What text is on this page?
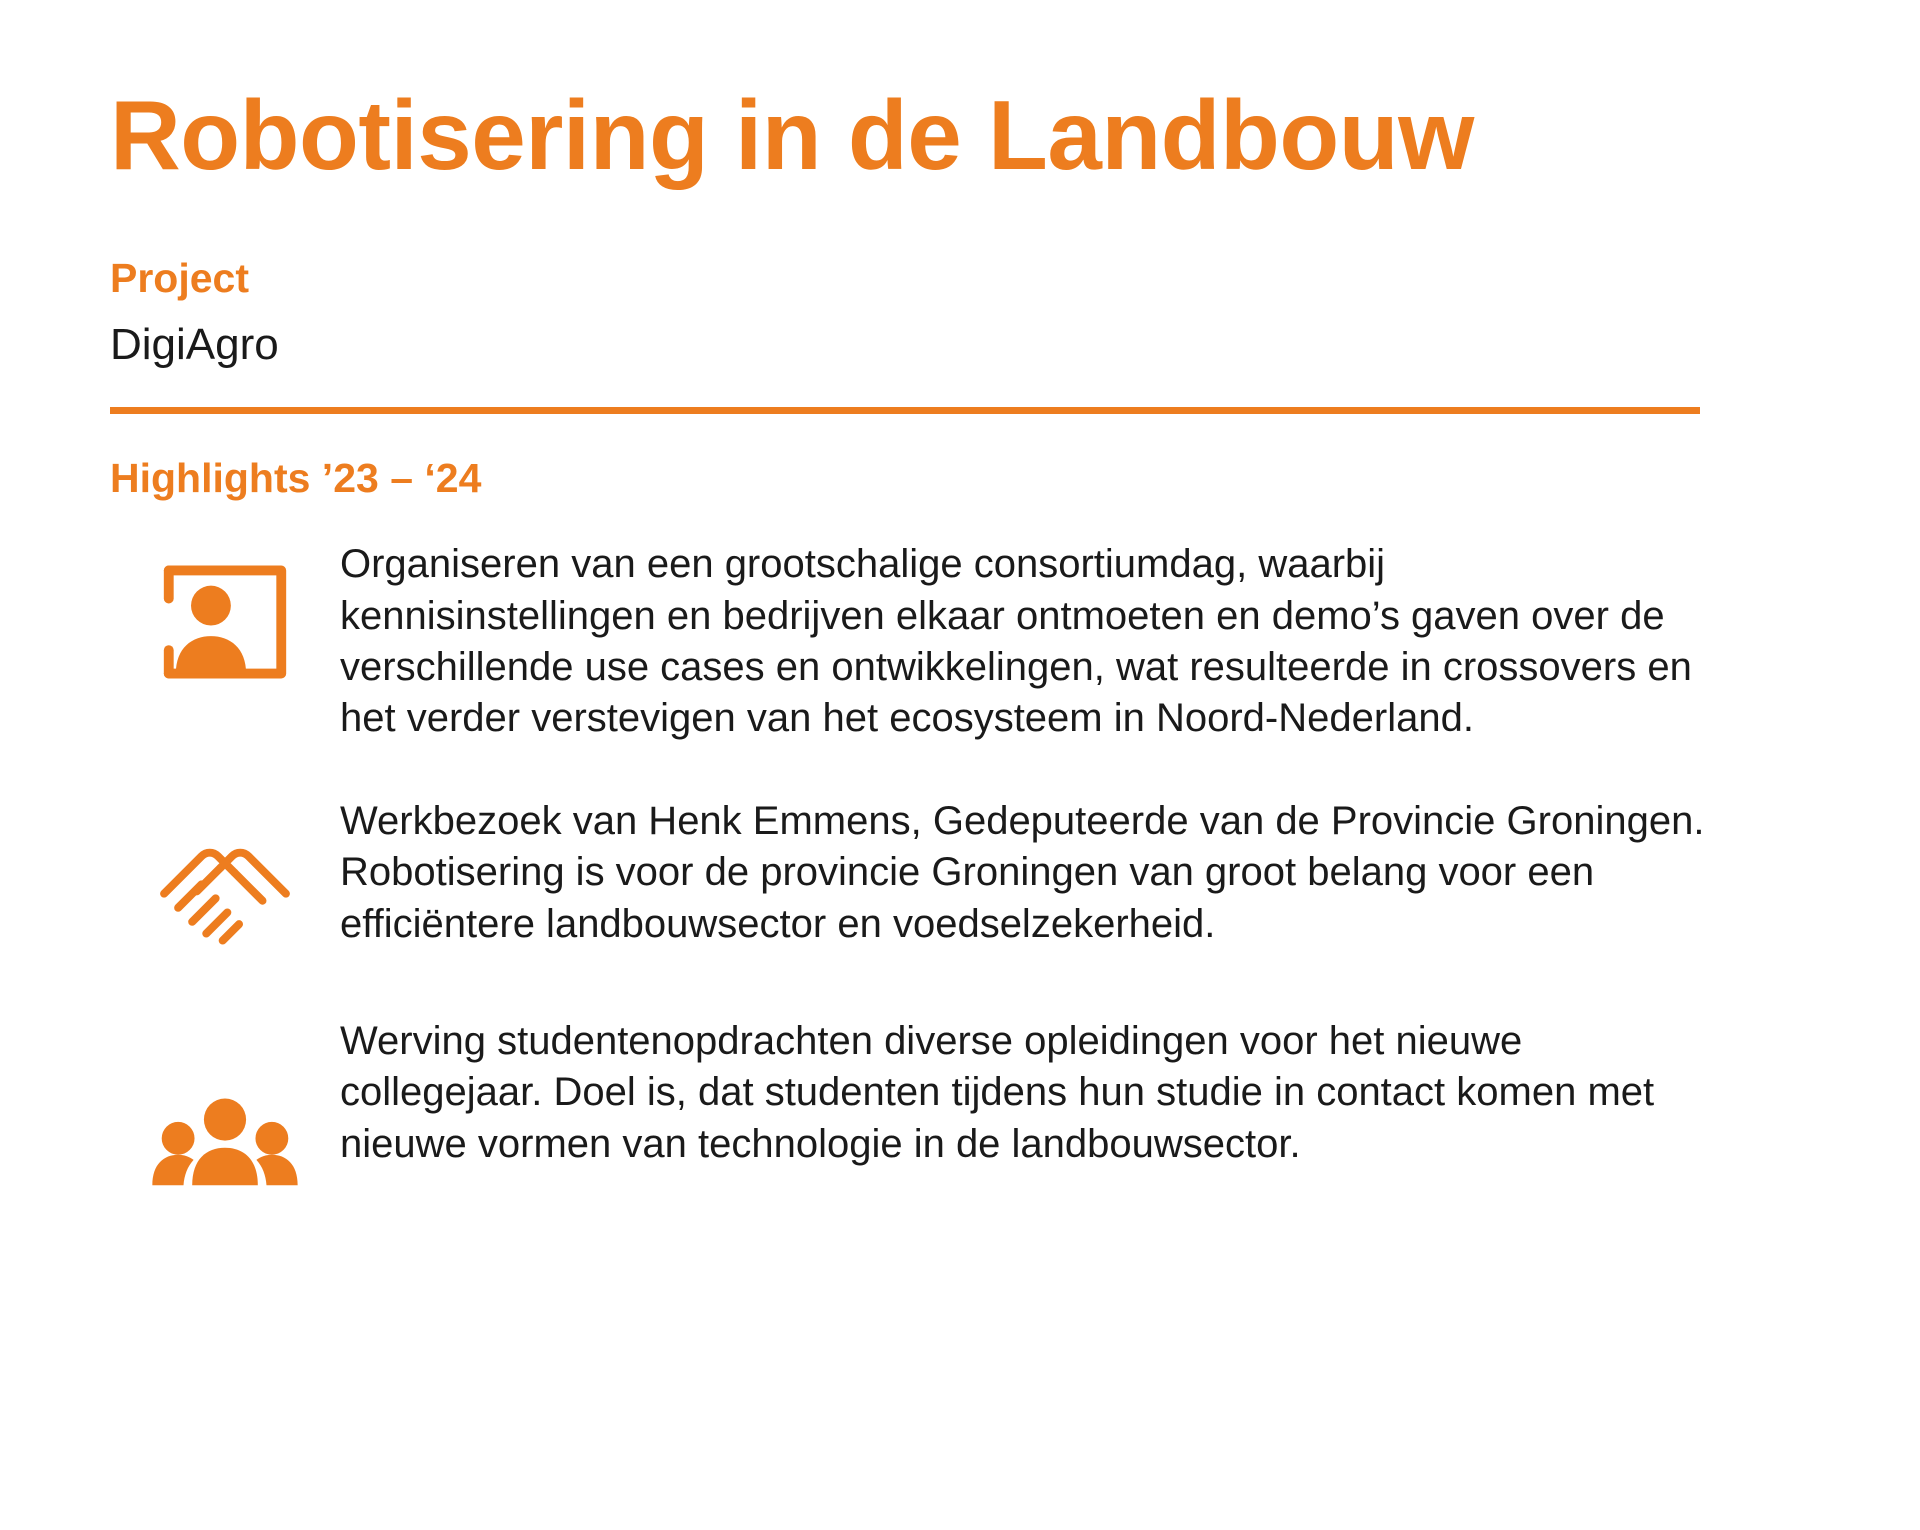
Robotisering in de Landbouw
Project

DigiAgro

Highlights ’23 – ‘24
Organiseren van een grootschalige consortiumdag, waarbij kennisinstellingen en bedrijven elkaar ontmoeten en demo’s gaven over de verschillende use cases en ontwikkelingen, wat resulteerde in crossovers en het verder verstevigen van het ecosysteem in Noord-Nederland.
Werkbezoek van Henk Emmens, Gedeputeerde van de Provincie Groningen. Robotisering is voor de provincie Groningen van groot belang voor een efficiëntere landbouwsector en voedselzekerheid.
Werving studentenopdrachten diverse opleidingen voor het nieuwe collegejaar. Doel is, dat studenten tijdens hun studie in contact komen met nieuwe vormen van technologie in de landbouwsector.
